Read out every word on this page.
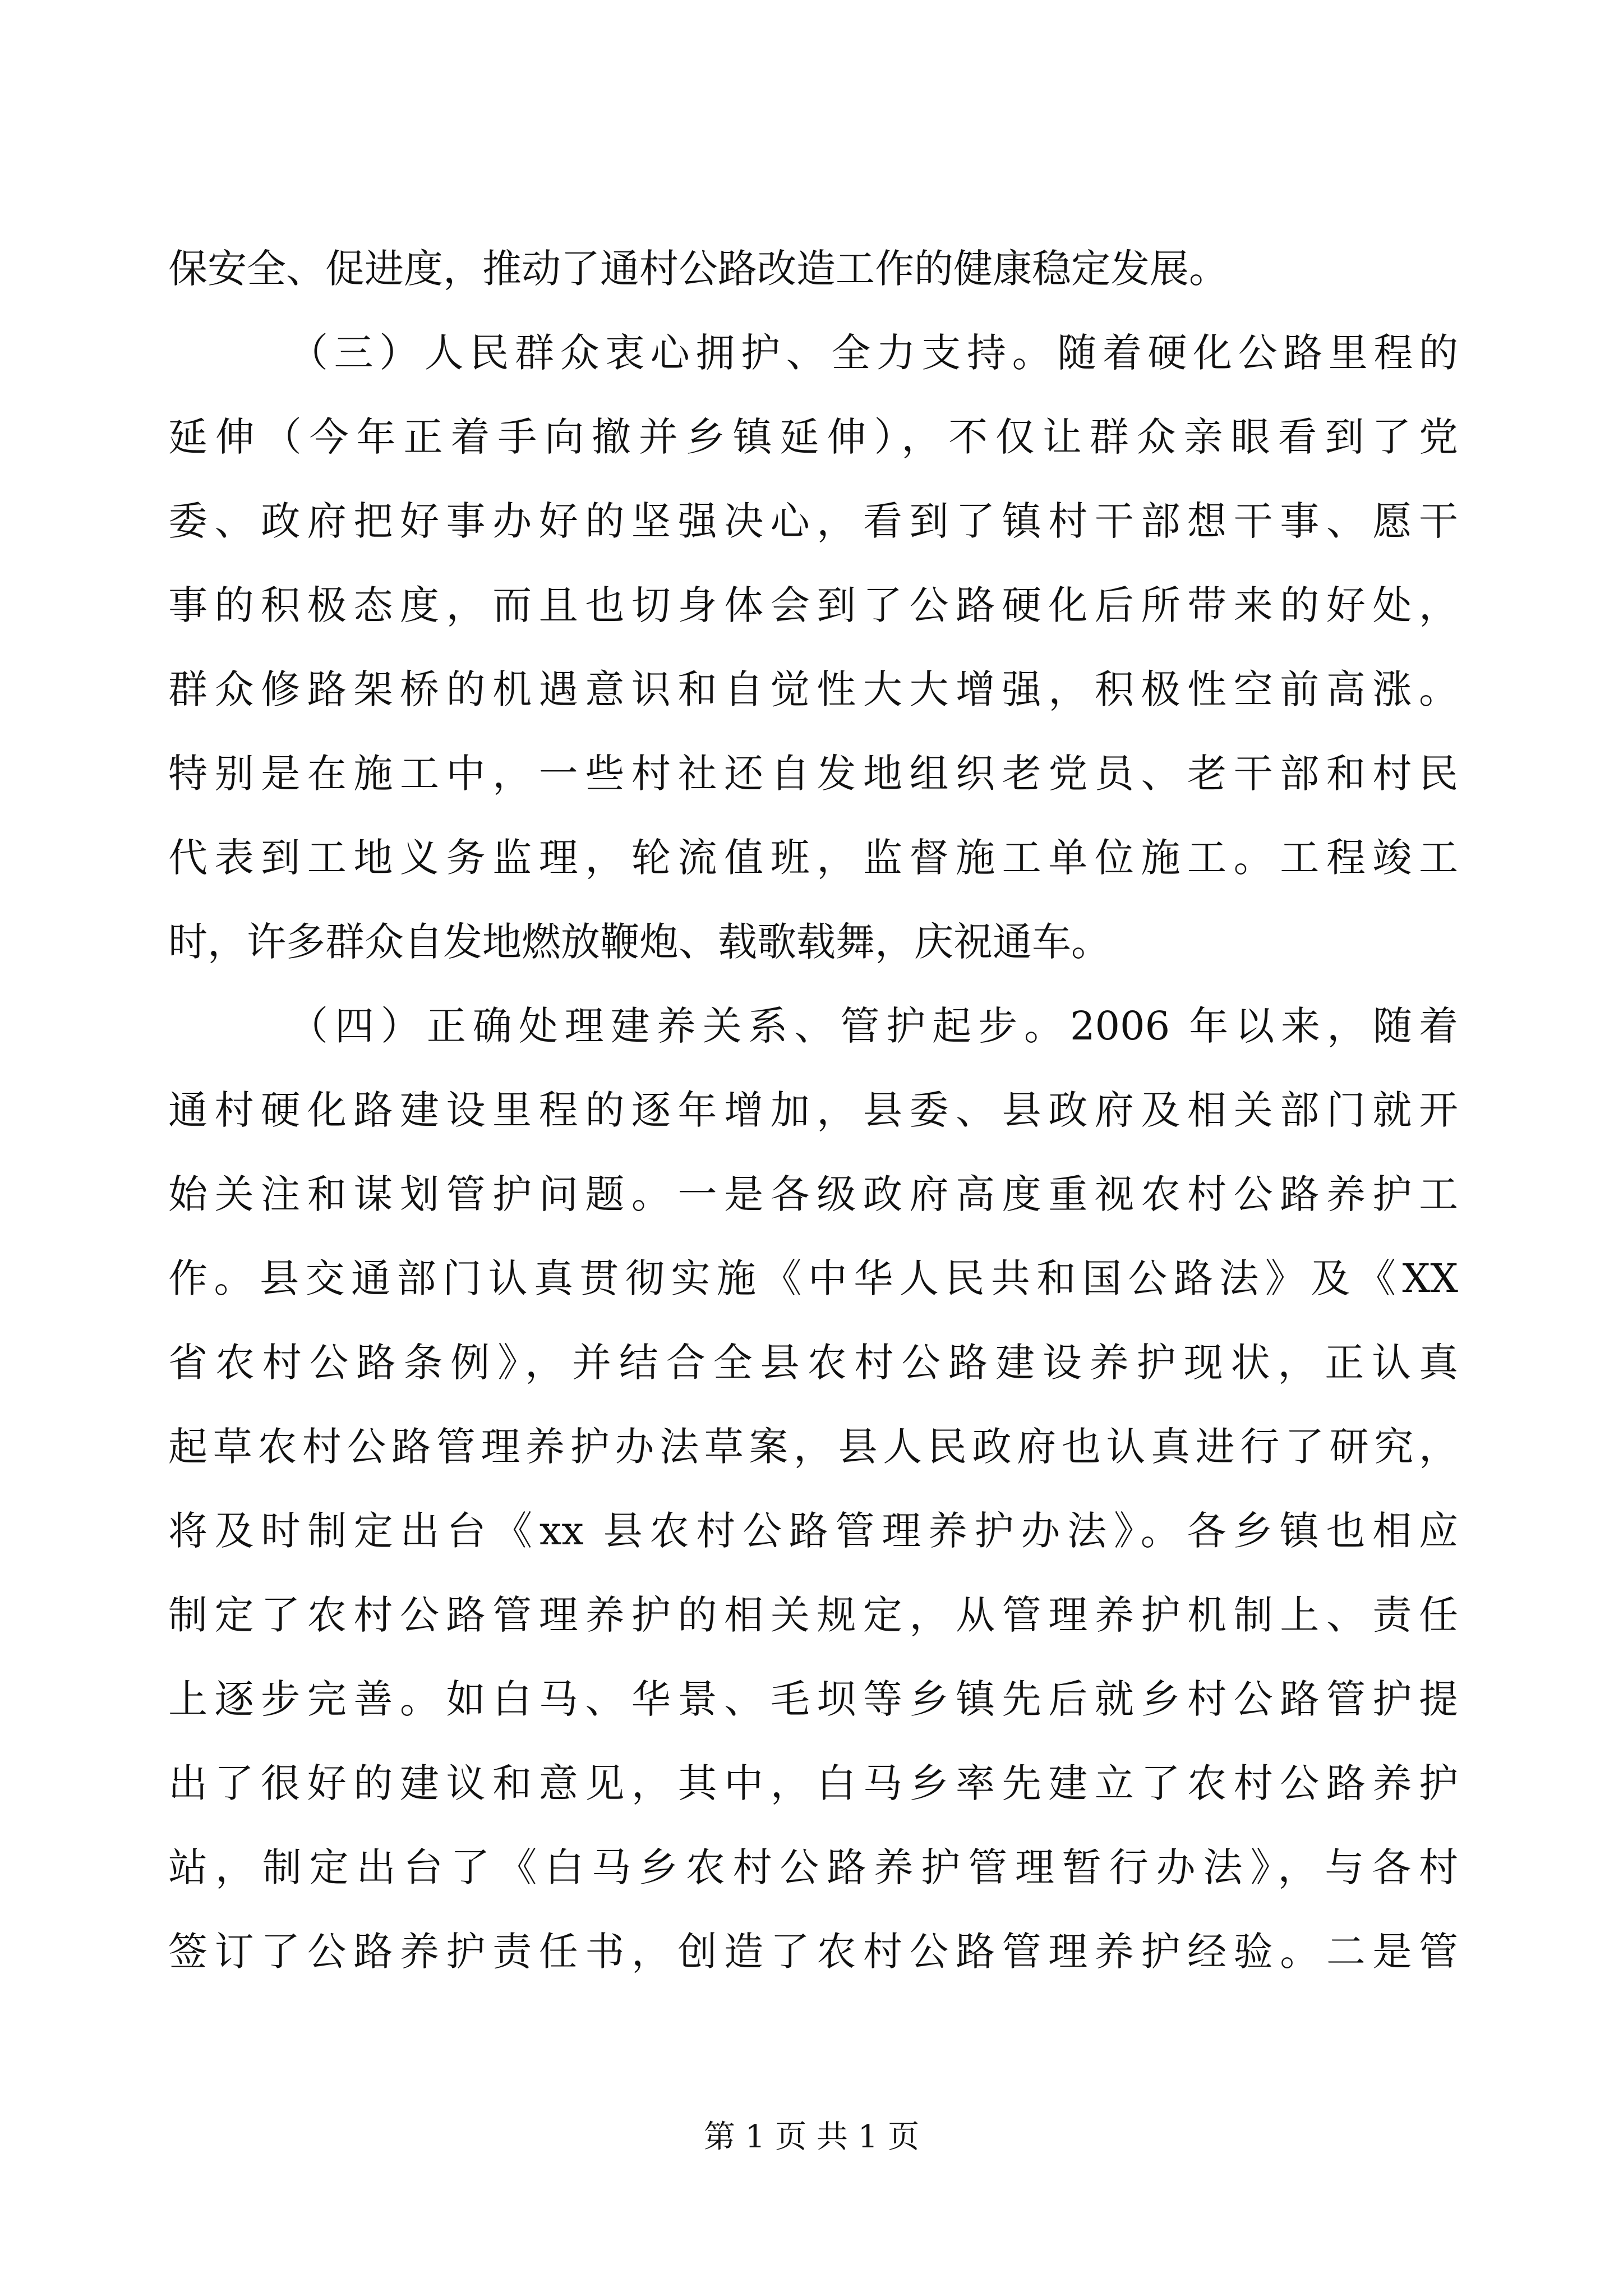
保安全、促进度，推动了通村公路改造工作的健康稳定发展。
（三）人民群众衷心拥护、全力支持。随着硬化公路里程的
延伸（今年正着手向撤并乡镇延伸），不仅让群众亲眼看到了党
委、政府把好事办好的坚强决心，看到了镇村干部想干事、愿干
事的积极态度，而且也切身体会到了公路硬化后所带来的好处，
群众修路架桥的机遇意识和自觉性大大增强，积极性空前高涨。
特别是在施工中，一些村社还自发地组织老党员、老干部和村民
代表到工地义务监理，轮流值班，监督施工单位施工。工程竣工
时，许多群众自发地燃放鞭炮、载歌载舞，庆祝通车。
（四）正确处理建养关系、管护起步。2006 年以来，随着
通村硬化路建设里程的逐年增加，县委、县政府及相关部门就开
始关注和谋划管护问题。一是各级政府高度重视农村公路养护工
作。县交通部门认真贯彻实施《中华人民共和国公路法》及《XX
省农村公路条例》，并结合全县农村公路建设养护现状，正认真
起草农村公路管理养护办法草案，县人民政府也认真进行了研究，
将及时制定出台《xx 县农村公路管理养护办法》。各乡镇也相应
制定了农村公路管理养护的相关规定，从管理养护机制上、责任
上逐步完善。如白马、华景、毛坝等乡镇先后就乡村公路管护提
出了很好的建议和意见，其中，白马乡率先建立了农村公路养护
站，制定出台了《白马乡农村公路养护管理暂行办法》，与各村
签订了公路养护责任书，创造了农村公路管理养护经验。二是管
第 1 页 共 1 页
